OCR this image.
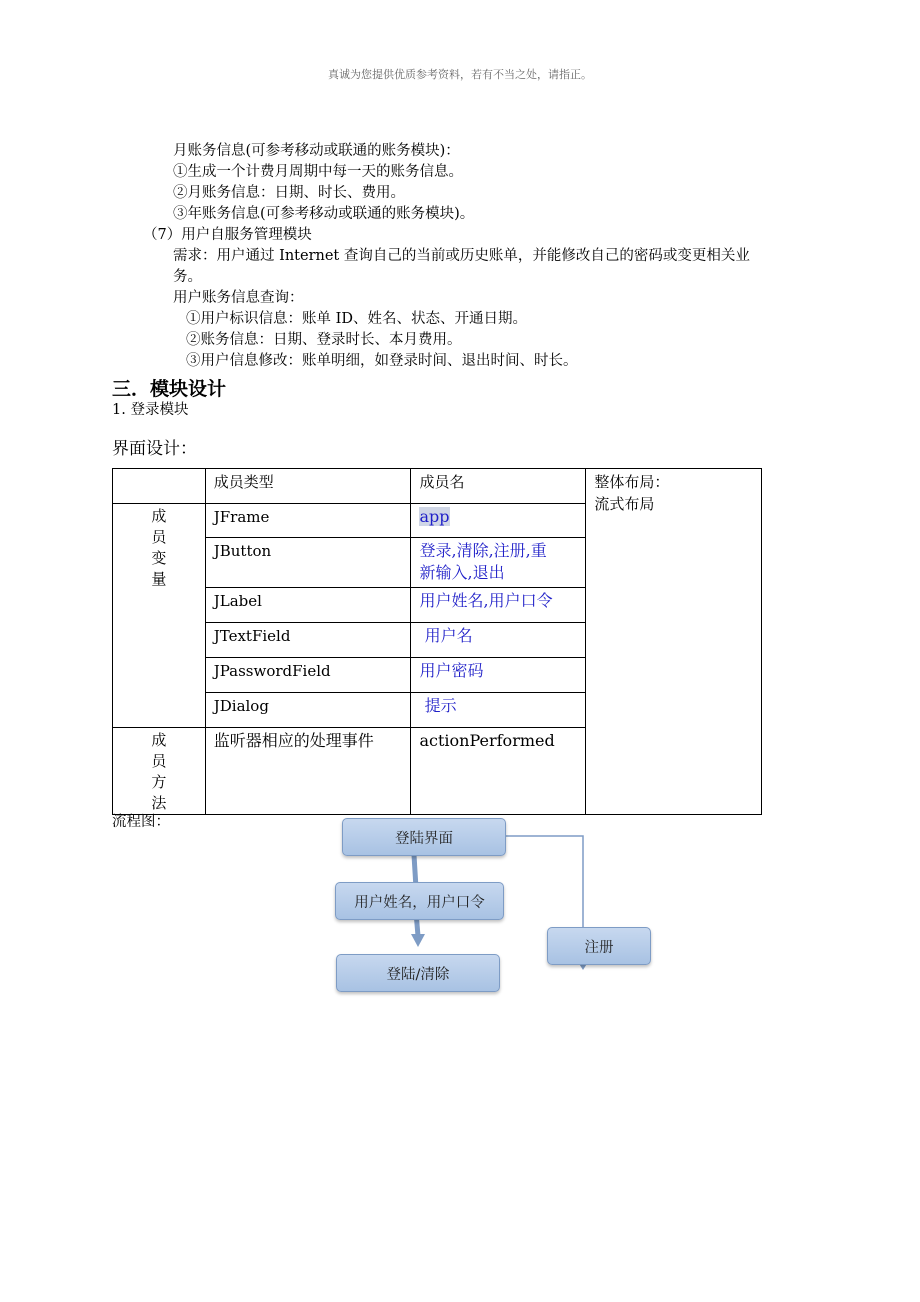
真诚为您提供优质参考资料，若有不当之处，请指正。
月账务信息(可参考移动或联通的账务模块)：
①生成一个计费月周期中每一天的账务信息。
②月账务信息：日期、时长、费用。
③年账务信息(可参考移动或联通的账务模块)。
（7）用户自服务管理模块
需求：用户通过 Internet 查询自己的当前或历史账单，并能修改自己的密码或变更相关业
务。
用户账务信息查询：
①用户标识信息：账单 ID、姓名、状态、开通日期。
②账务信息：日期、登录时长、本月费用。
③用户信息修改：账单明细，如登录时间、退出时间、时长。
三．模块设计
1. 登录模块
界面设计：
	成员类型	成员名	整体布局：
流式布局

成
员
变
量	JFrame	app	
	JButton	登录,清除,注册,重
新输入,退出	
	JLabel	用户姓名,用户口令	
	JTextField	用户名	
	JPasswordField	用户密码	
	JDialog	提示	

成
员
方
法	监听器相应的处理事件	actionPerformed	
流程图：
登陆界面
用户姓名，用户口令
注册
登陆/清除
